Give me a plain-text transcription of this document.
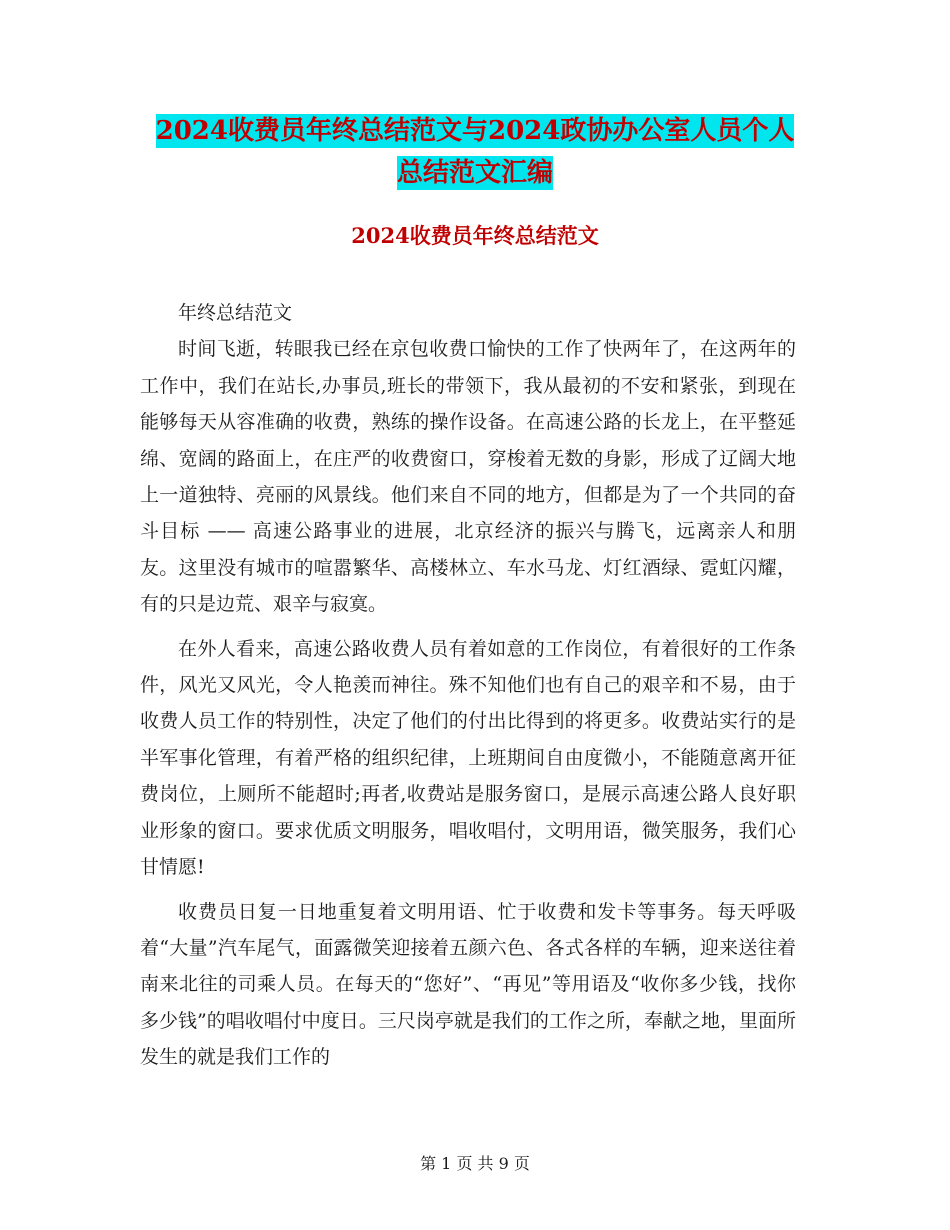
2024收费员年终总结范文与2024政协办公室人员个人
总结范文汇编
2024收费员年终总结范文

年终总结范文

时间飞逝，转眼我已经在京包收费口愉快的工作了快两年了，在这两年的工作中，我们在站长,办事员,班长的带领下，我从最初的不安和紧张，到现在能够每天从容准确的收费，熟练的操作设备。在高速公路的长龙上，在平整延绵、宽阔的路面上，在庄严的收费窗口，穿梭着无数的身影，形成了辽阔大地上一道独特、亮丽的风景线。他们来自不同的地方，但都是为了一个共同的奋斗目标 —— 高速公路事业的进展，北京经济的振兴与腾飞，远离亲人和朋友。这里没有城市的喧嚣繁华、高楼林立、车水马龙、灯红酒绿、霓虹闪耀，有的只是边荒、艰辛与寂寞。

在外人看来，高速公路收费人员有着如意的工作岗位，有着很好的工作条件，风光又风光，令人艳羡而神往。殊不知他们也有自己的艰辛和不易，由于收费人员工作的特别性，决定了他们的付出比得到的将更多。收费站实行的是半军事化管理，有着严格的组织纪律，上班期间自由度微小，不能随意离开征费岗位，上厕所不能超时;再者,收费站是服务窗口，是展示高速公路人良好职业形象的窗口。要求优质文明服务，唱收唱付，文明用语，微笑服务，我们心甘情愿!

收费员日复一日地重复着文明用语、忙于收费和发卡等事务。每天呼吸着“大量”汽车尾气，面露微笑迎接着五颜六色、各式各样的车辆，迎来送往着南来北往的司乘人员。在每天的“您好”、“再见”等用语及“收你多少钱，找你多少钱”的唱收唱付中度日。三尺岗亭就是我们的工作之所，奉献之地，里面所发生的就是我们工作的

第 1 页 共 9 页
